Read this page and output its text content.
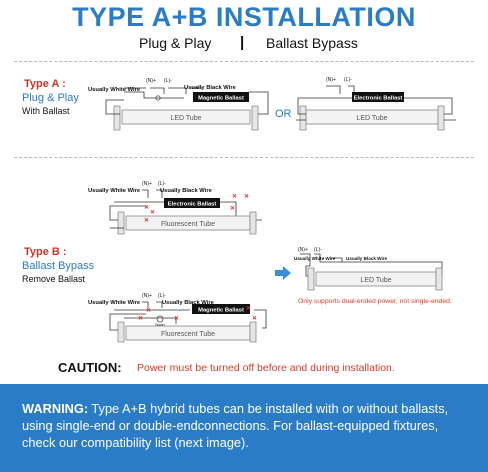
TYPE A+B INSTALLATION
Plug & Play | Ballast Bypass
Type A :
Plug & Play
With Ballast	OR
Magnetic Ballast
Usually White Wire	Usually Black Wire
(N)+ (L)-
LED Tube
Electronic Ballast
(N)+ (L)-
LED Tube
Electronic Ballast
Usually White Wire	Usually Black Wire
(N)+ (L)-
Fluorescent Tube
✕
✕
✕
✕ ✕
✕
Type B :
Ballast Bypass
Remove Ballast
Starter
Magnetic Ballast
Usually White Wire	Usually Black Wire
(N)+ (L)-
Fluorescent Tube
✕
✕	✕
✕
✕
(N)+ (L)-
Usually White Wire Usually Black Wire
LED Tube
Only supports dual-ended power, not single-ended.
CAUTION: Power must be turned off before and during installation.
WARNING: Type A+B hybrid tubes can be installed with or without ballasts, using single-end or double-endconnections. For ballast-equipped fixtures, check our compatibility list (next image).
